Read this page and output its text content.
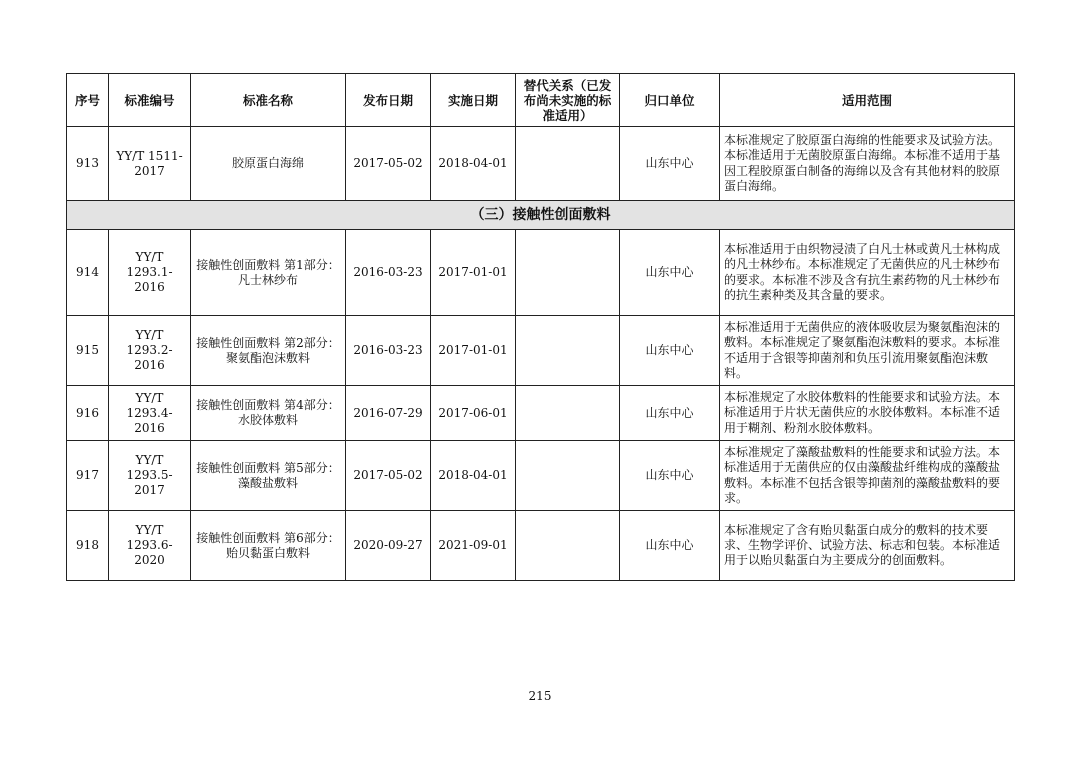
序号	标准编号	标准名称	发布日期	实施日期	替代关系（已发布尚未实施的标准适用）	归口单位	适用范围
913	YY/T 1511-2017	胶原蛋白海绵	2017-05-02	2018-04-01		山东中心	本标准规定了胶原蛋白海绵的性能要求及试验方法。本标准适用于无菌胶原蛋白海绵。本标准不适用于基因工程胶原蛋白制备的海绵以及含有其他材料的胶原蛋白海绵。
（三）接触性创面敷料							
914	YY/T 1293.1-2016	接触性创面敷料 第1部分：凡士林纱布	2016-03-23	2017-01-01		山东中心	本标准适用于由织物浸渍了白凡士林或黄凡士林构成的凡士林纱布。本标准规定了无菌供应的凡士林纱布的要求。本标准不涉及含有抗生素药物的凡士林纱布的抗生素种类及其含量的要求。
915	YY/T 1293.2-2016	接触性创面敷料 第2部分：聚氨酯泡沫敷料	2016-03-23	2017-01-01		山东中心	本标准适用于无菌供应的液体吸收层为聚氨酯泡沫的敷料。本标准规定了聚氨酯泡沫敷料的要求。本标准不适用于含银等抑菌剂和负压引流用聚氨酯泡沫敷料。
916	YY/T 1293.4-2016	接触性创面敷料 第4部分：水胶体敷料	2016-07-29	2017-06-01		山东中心	本标准规定了水胶体敷料的性能要求和试验方法。本标准适用于片状无菌供应的水胶体敷料。本标准不适用于糊剂、粉剂水胶体敷料。
917	YY/T 1293.5-2017	接触性创面敷料 第5部分：藻酸盐敷料	2017-05-02	2018-04-01		山东中心	本标准规定了藻酸盐敷料的性能要求和试验方法。本标准适用于无菌供应的仅由藻酸盐纤维构成的藻酸盐敷料。本标准不包括含银等抑菌剂的藻酸盐敷料的要求。
918	YY/T 1293.6-2020	接触性创面敷料 第6部分：贻贝黏蛋白敷料	2020-09-27	2021-09-01		山东中心	本标准规定了含有贻贝黏蛋白成分的敷料的技术要求、生物学评价、试验方法、标志和包装。本标准适用于以贻贝黏蛋白为主要成分的创面敷料。
215
